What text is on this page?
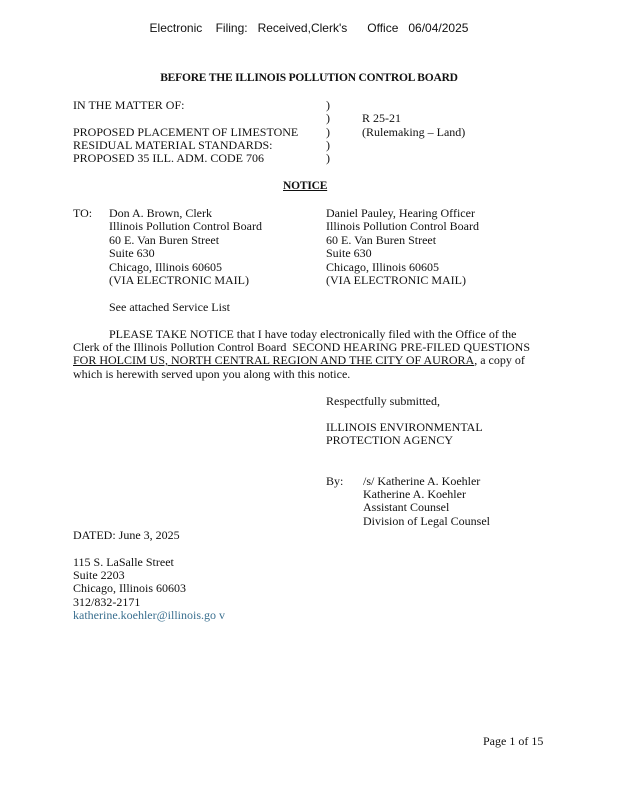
Electronic    Filing:   Received,Clerk's      Office   06/04/2025
BEFORE THE ILLINOIS POLLUTION CONTROL BOARD
IN THE MATTER OF:
PROPOSED PLACEMENT OF LIMESTONE
RESIDUAL MATERIAL STANDARDS:
PROPOSED 35 ILL. ADM. CODE 706
)
)
)
)
)
R 25-21
(Rulemaking – Land)
NOTICE
TO: Don A. Brown, Clerk
Illinois Pollution Control Board
60 E. Van Buren Street
Suite 630
Chicago, Illinois 60605
(VIA ELECTRONIC MAIL)
Daniel Pauley, Hearing Officer
Illinois Pollution Control Board
60 E. Van Buren Street
Suite 630
Chicago, Illinois 60605
(VIA ELECTRONIC MAIL)
See attached Service List
PLEASE TAKE NOTICE that I have today electronically filed with the Office of the
Clerk of the Illinois Pollution Control Board SECOND HEARING PRE-FILED QUESTIONS
FOR HOLCIM US, NORTH CENTRAL REGION AND THE CITY OF AURORA, a copy of
which is herewith served upon you along with this notice.
Respectfully submitted,
ILLINOIS ENVIRONMENTAL
PROTECTION AGENCY
By: /s/ Katherine A. Koehler
Katherine A. Koehler
Assistant Counsel
Division of Legal Counsel
DATED: June 3, 2025
115 S. LaSalle Street
Suite 2203
Chicago, Illinois 60603
312/832-2171
katherine.koehler@illinois.go v
Page 1 of 15
